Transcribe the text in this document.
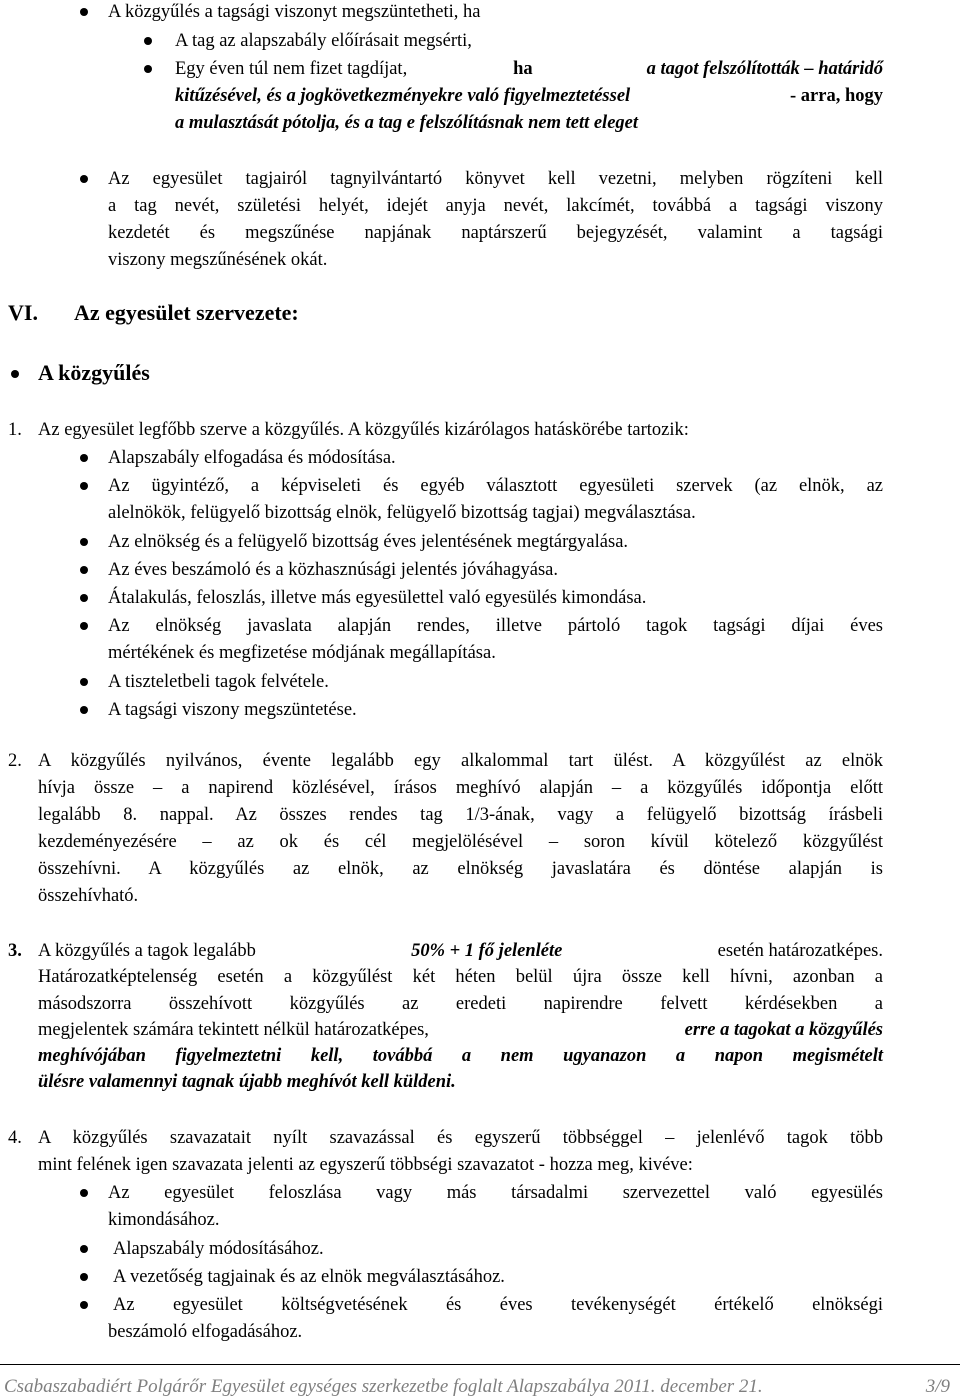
A közgyűlés a tagsági viszonyt megszüntetheti, ha
A tag az alapszabály előírásait megsérti,
Egy éven túl nem fizet tagdíjat,	ha	a tagot felszólították – határidő
kitűzésével, és a jogkövetkezményekre való figyelmeztetéssel	- arra, hogy
a mulasztását pótolja, és a tag e felszólításnak nem tett eleget
Az egyesület tagjairól tagnyilvántartó könyvet kell vezetni, melyben rögzíteni kell
a tag nevét, születési helyét, idejét anyja nevét, lakcímét, továbbá a tagsági viszony
kezdetét és megszűnése napjának naptárszerű bejegyzését, valamint a tagsági
viszony megszűnésének okát.
VI. Az egyesület szervezete:
A közgyűlés
1. Az egyesület legfőbb szerve a közgyűlés. A közgyűlés kizárólagos hatáskörébe tartozik:
Alapszabály elfogadása és módosítása.
Az ügyintéző, a képviseleti és egyéb választott egyesületi szervek (az elnök, az
alelnökök, felügyelő bizottság elnök, felügyelő bizottság tagjai) megválasztása.
Az elnökség és a felügyelő bizottság éves jelentésének megtárgyalása.
Az éves beszámoló és a közhasznúsági jelentés jóváhagyása.
Átalakulás, feloszlás, illetve más egyesülettel való egyesülés kimondása.
Az elnökség javaslata alapján rendes, illetve pártoló tagok tagsági díjai éves
mértékének és megfizetése módjának megállapítása.
A tiszteletbeli tagok felvétele.
A tagsági viszony megszüntetése.
2. A közgyűlés nyilvános, évente legalább egy alkalommal tart ülést. A közgyűlést az elnök
hívja össze – a napirend közlésével, írásos meghívó alapján – a közgyűlés időpontja előtt
legalább 8. nappal. Az összes rendes tag 1/3-ának, vagy a felügyelő bizottság írásbeli
kezdeményezésére – az ok és cél megjelölésével – soron kívül kötelező közgyűlést
összehívni. A közgyűlés az elnök, az elnökség javaslatára és döntése alapján is
összehívható.
3. A közgyűlés a tagok legalább	50% + 1 fő jelenléte	esetén határozatképes.
Határozatképtelenség esetén a közgyűlést két héten belül újra össze kell hívni, azonban a
másodszorra összehívott közgyűlés az eredeti napirendre felvett kérdésekben a
megjelentek számára tekintett nélkül határozatképes,	erre a tagokat a közgyűlés
meghívójában figyelmeztetni kell, továbbá a nem ugyanazon a napon megismételt
ülésre valamennyi tagnak újabb meghívót kell küldeni.
4. A közgyűlés szavazatait nyílt szavazással és egyszerű többséggel – jelenlévő tagok több
mint felének igen szavazata jelenti az egyszerű többségi szavazatot - hozza meg, kivéve:
Az egyesület feloszlása vagy más társadalmi szervezettel való egyesülés
kimondásához.
Alapszabály módosításához.
A vezetőség tagjainak és az elnök megválasztásához.
Az egyesület költségvetésének és éves tevékenységét értékelő elnökségi
beszámoló elfogadásához.
Csabaszabadiért Polgárőr Egyesület egységes szerkezetbe foglalt Alapszabálya 2011. december 21.	3/9
